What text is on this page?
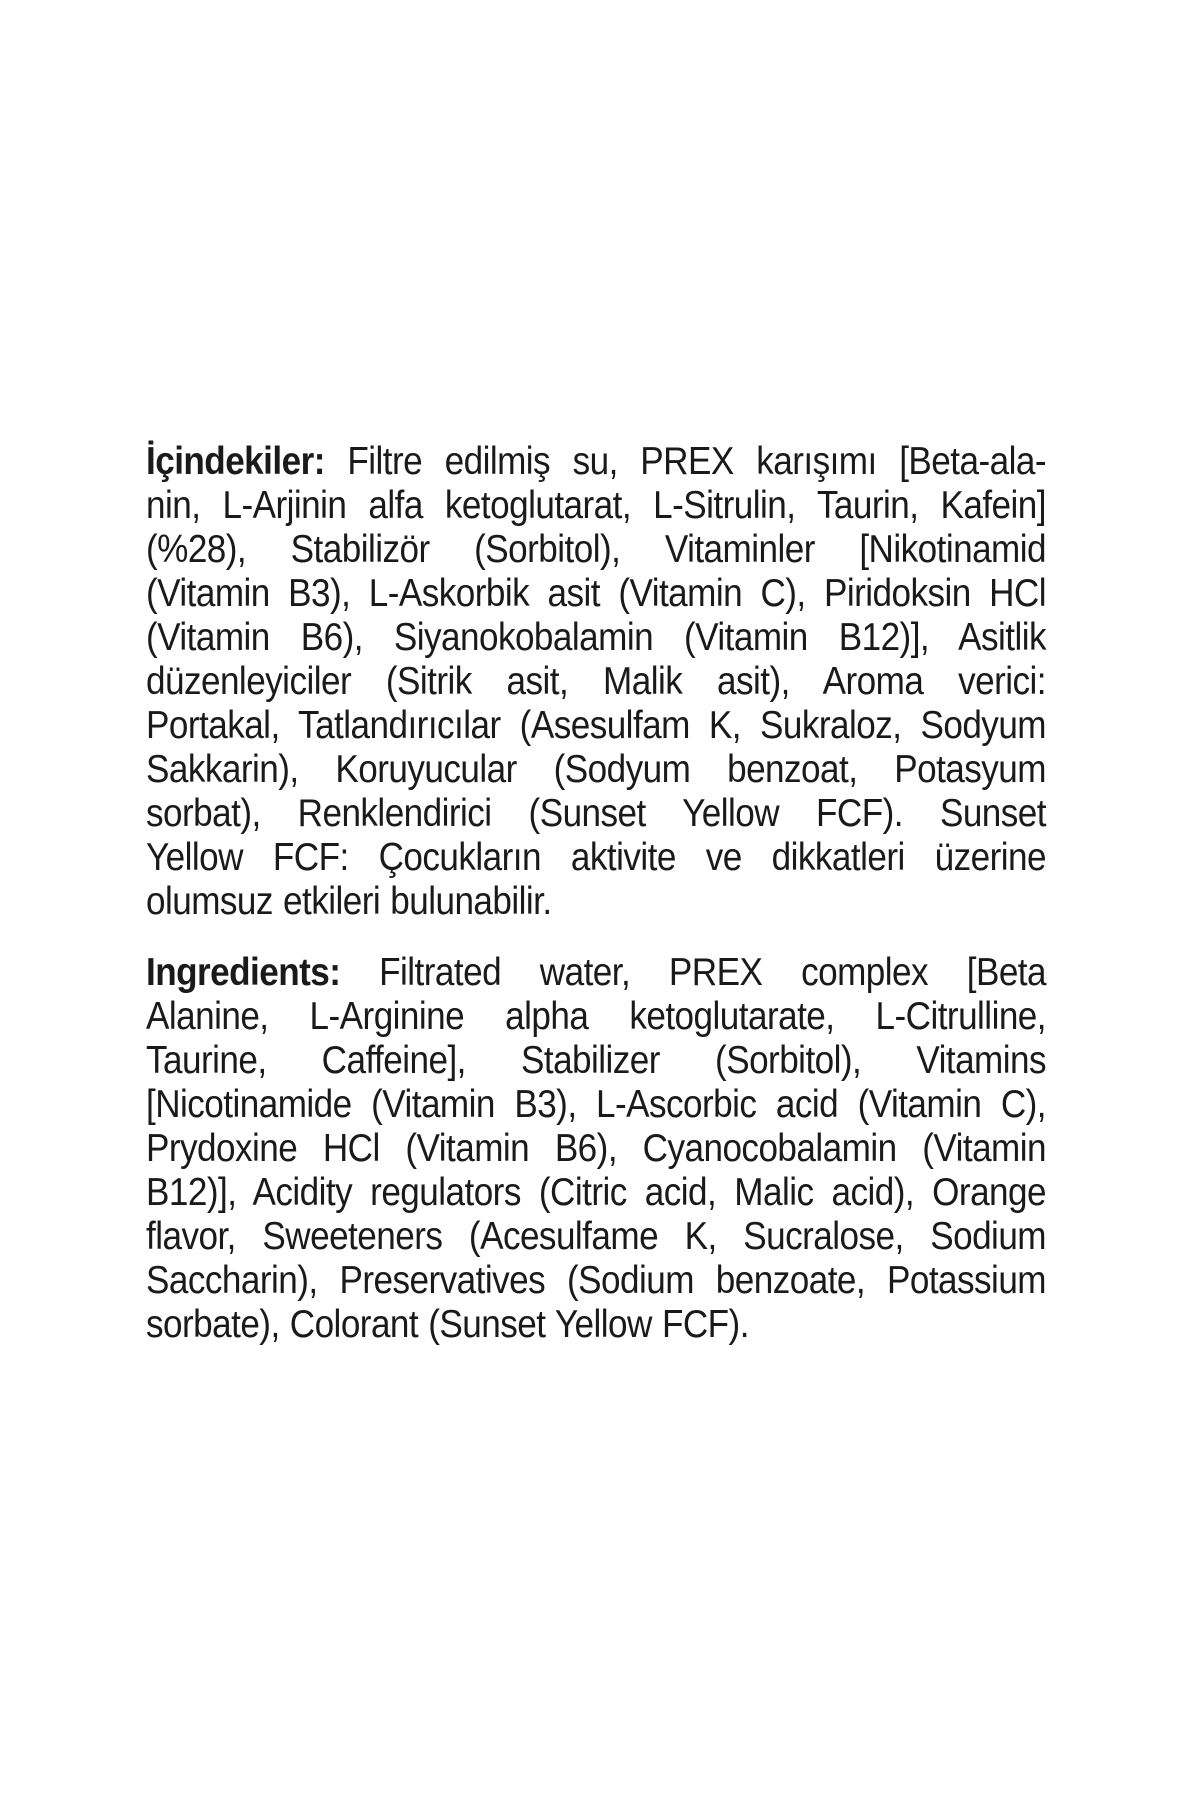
İçindekiler: Filtre edilmiş su, PREX karışımı [Beta-ala-
nin, L-Arjinin alfa ketoglutarat, L-Sitrulin, Taurin, Kafein]
(%28), Stabilizör (Sorbitol), Vitaminler [Nikotinamid
(Vitamin B3), L-Askorbik asit (Vitamin C), Piridoksin HCl
(Vitamin B6), Siyanokobalamin (Vitamin B12)], Asitlik
düzenleyiciler (Sitrik asit, Malik asit), Aroma verici:
Portakal, Tatlandırıcılar (Asesulfam K, Sukraloz, Sodyum
Sakkarin), Koruyucular (Sodyum benzoat, Potasyum
sorbat), Renklendirici (Sunset Yellow FCF). Sunset
Yellow FCF: Çocukların aktivite ve dikkatleri üzerine
olumsuz etkileri bulunabilir.
Ingredients: Filtrated water, PREX complex [Beta
Alanine, L-Arginine alpha ketoglutarate, L-Citrulline,
Taurine, Caffeine], Stabilizer (Sorbitol), Vitamins
[Nicotinamide (Vitamin B3), L-Ascorbic acid (Vitamin C),
Prydoxine HCl (Vitamin B6), Cyanocobalamin (Vitamin
B12)], Acidity regulators (Citric acid, Malic acid), Orange
flavor, Sweeteners (Acesulfame K, Sucralose, Sodium
Saccharin), Preservatives (Sodium benzoate, Potassium
sorbate), Colorant (Sunset Yellow FCF).
